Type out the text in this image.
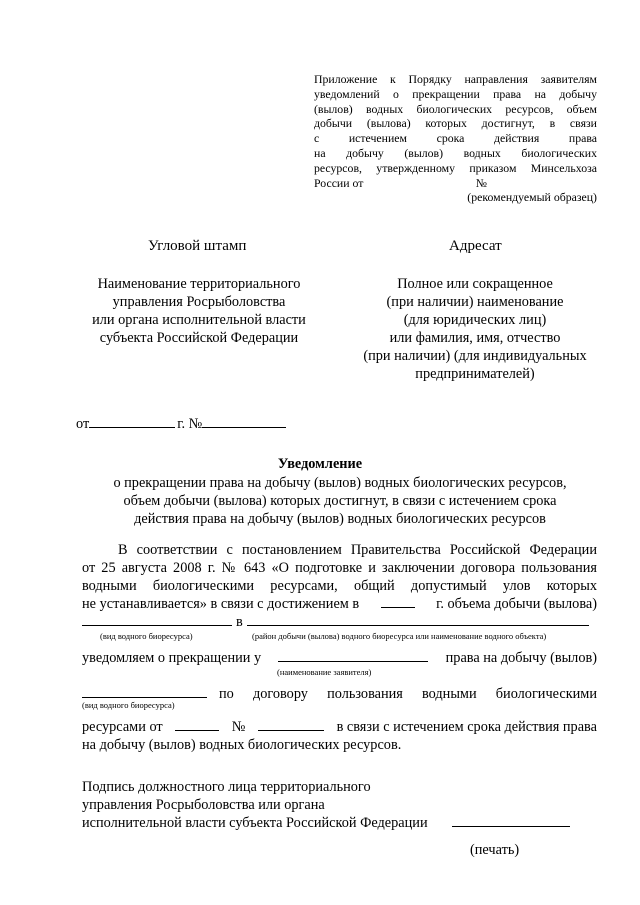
Приложение к Порядку направления заявителям
уведомлений о прекращении права на добычу
(вылов) водных биологических ресурсов, объем
добычи (вылова) которых достигнут, в связи
с истечением срока действия права
на добычу (вылов) водных биологических
ресурсов, утвержденному приказом Минсельхоза
России от	№
(рекомендуемый образец)
Угловой штамп	Адресат
Наименование территориального
управления Росрыболовства
или органа исполнительной власти
субъекта Российской Федерации
Полное или сокращенное
(при наличии) наименование
(для юридических лиц)
или фамилия, имя, отчество
(при наличии) (для индивидуальных
предпринимателей)
от	г. №
Уведомление
о прекращении права на добычу (вылов) водных биологических ресурсов,
объем добычи (вылова) которых достигнут, в связи с истечением срока
действия права на добычу (вылов) водных биологических ресурсов
В соответствии с постановлением Правительства Российской Федерации
от 25 августа 2008 г. № 643 «О подготовке и заключении договора пользования
водными биологическими ресурсами, общий допустимый улов которых
не устанавливается» в связи с достижением в	г. объема добычи (вылова)
в
(вид водного биоресурса)	(район добычи (вылова) водного биоресурса или наименование водного объекта)
уведомляем о прекращении у	права на добычу (вылов)
(наименование заявителя)
по договору пользования водными биологическими
(вид водного биоресурса)
ресурсами от	№	в связи с истечением срока действия права
на добычу (вылов) водных биологических ресурсов.
Подпись должностного лица территориального
управления Росрыболовства или органа
исполнительной власти субъекта Российской Федерации
(печать)
